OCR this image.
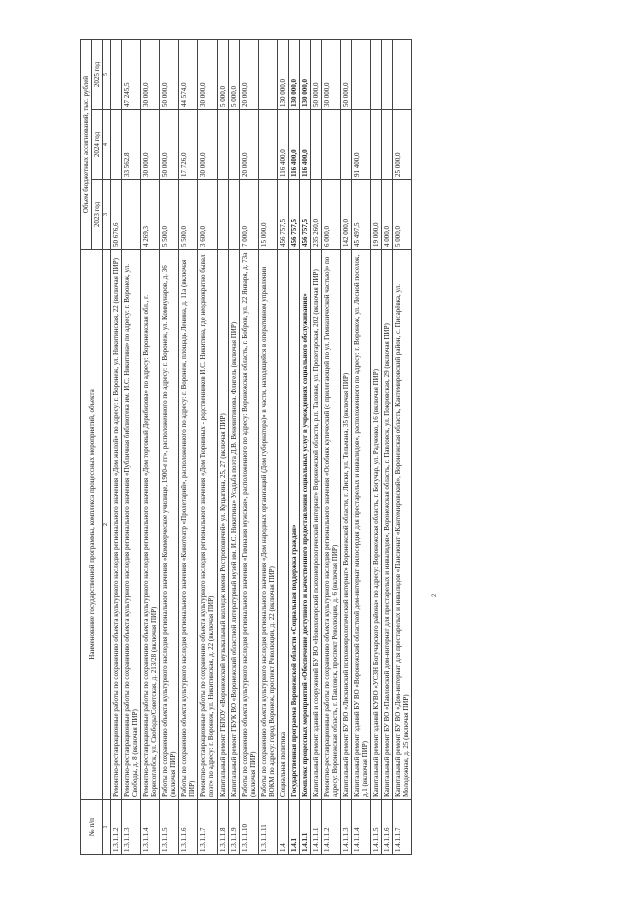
2
№ п/п	Наименование государственной программы, комплекса процессных мероприятий, объекта	Объем бюджетных ассигнований, тыс. рублей		
		2023 год	2024 год	2025 год
1	2	3	4	5
1.3.1.1.2	Ремонтно-реставрационные работы по сохранению объекта культурного наследия регионального значения «Дом жилой» по адресу: г. Воронеж, ул. Никитинская, 22 (включая ПИР)	50 676,6		
1.3.1.1.3	Ремонтно-реставрационные работы по сохранению объекта культурного наследия регионального значения «Публичная библиотека им. И.С. Никитина» по адресу: г. Воронеж, ул. Свободы, д. 8 (включая ПИР)		33 562,8	47 245,5
1.3.1.1.4	Ремонтно-реставрационные работы по сохранению объекта культурного наследия регионального значения «Дом торговый Дерибизова» по адресу: Воронежская обл., г. Борисоглебск, ул. Свободы/Советская, д. 213/28 (включая ПИР)	4 269,3	30 000,0	30 000,0
1.3.1.1.5	Работы по сохранению объекта культурного наследия регионального значения «Коммерческое училище, 1900-е гг», расположенного по адресу: г. Воронеж, ул. Коммунаров, д. 36 (включая ПИР)	5 500,0	50 000,0	50 000,0
1.3.1.1.6	Работы по сохранению объекта культурного наследия регионального значения «Кинотеатр «Пролетарий», расположенного по адресу: г. Воронеж, площадь Ленина, д. 11а (включая ПИР)	5 500,0	17 726,0	44 574,0
1.3.1.1.7	Ремонтно-реставрационные работы по сохранению объекта культурного наследия регионального значения «Дом Тюрниных - родственников И.С. Никитина, где неоднократно бывал поэт» по адресу: г. Воронеж, ул. Никитинская, д. 22 (включая ПИР)	3 600,0	30 000,0	30 000,0
1.3.1.1.8	Капитальный ремонт ГБПОУ «Воронежский музыкальный колледж имени Ростроповичей» ул. Куцыгина, 25, 27 (включая ПИР)			5 000,0
1.3.1.1.9	Капитальный ремонт ГБУК ВО «Воронежский областной литературный музей им. И.С. Никитина» Усадьба поэта Д.В. Веневитинова. Флигель (включая ПИР)			5 000,0
1.3.1.1.10	Работы по сохранению объекта культурного наследия регионального значения «Гимназия мужская», расположенного по адресу: Воронежская область, г. Бобров, ул. 22 Января, д. 73а (включая ПИР)	7 000,0	20 000,0	20 000,0
1.3.1.1.11	Работы по сохранению объекта культурного наследия регионального значения «Дом народных организаций (Дом губернатора)» в части, находящейся в оперативном управлении ВОКМ по адресу: город Воронеж, проспект Революции, д. 22 (включая ПИР)	15 000,0		
1.4	Социальная политика	456 757,5	116 400,0	130 000,0
1.4.1	Государственная программа Воронежской области «Социальная поддержка граждан»	456 757,5	116 400,0	130 000,0
1.4.1.1	Комплекс процессных мероприятий «Обеспечение доступного и качественного предоставления социальных услуг в учреждениях социального обслуживания»	456 757,5	116 400,0	130 000,0
1.4.1.1.1	Капитальный ремонт зданий и сооружений БУ ВО «Новохоперский психоневрологический интернат» Воронежской области, р.п. Таловая, ул. Пролетарская, 202 (включая ПИР)	235 260,0		50 000,0
1.4.1.1.2	Ремонтно-реставрационные работы по сохранению объекта культурного наследия регионального значения «Особняк купеческий (с прилегающей по ул. Гимназической частью)» по адресу: Воронежская область, г. Павловск, проспект Революции, д. 6 (включая ПИР)	6 000,0		30 000,0
1.4.1.1.3	Капитальный ремонт БУ ВО «Лискинский психоневрологический интернат» Воронежской области, г. Лиски, ул. Тельмана, 35 (включая ПИР)	142 000,0		50 000,0
1.4.1.1.4	Капитальный ремонт зданий БУ ВО «Воронежский областной дом-интернат милосердия для престарелых и инвалидов», расположенного по адресу: г. Воронеж, ул. Лесной поселок, д.1 (включая ПИР)	45 497,5	91 400,0	
1.4.1.1.5	Капитальный ремонт зданий КУВО «УСЗН Богучарского района» по адресу: Воронежская область, г. Богучар, ул. Радченко, 16 (включая ПИР)	19 000,0		
1.4.1.1.6	Капитальный ремонт БУ ВО «Павловский дом-интернат для престарелых и инвалидов», Воронежская область, г. Павловск, ул. Покровская, 29 (включая ПИР)	4 000,0		
1.4.1.1.7	Капитальный ремонт БУ ВО «Дом-интернат для престарелых и инвалидов «Пансионат «Кантемировский», Воронежская область, Кантемировский район, с. Писарёвка, ул. Молодежная, д. 25 (включая ПИР)	5 000,0	25 000,0	
